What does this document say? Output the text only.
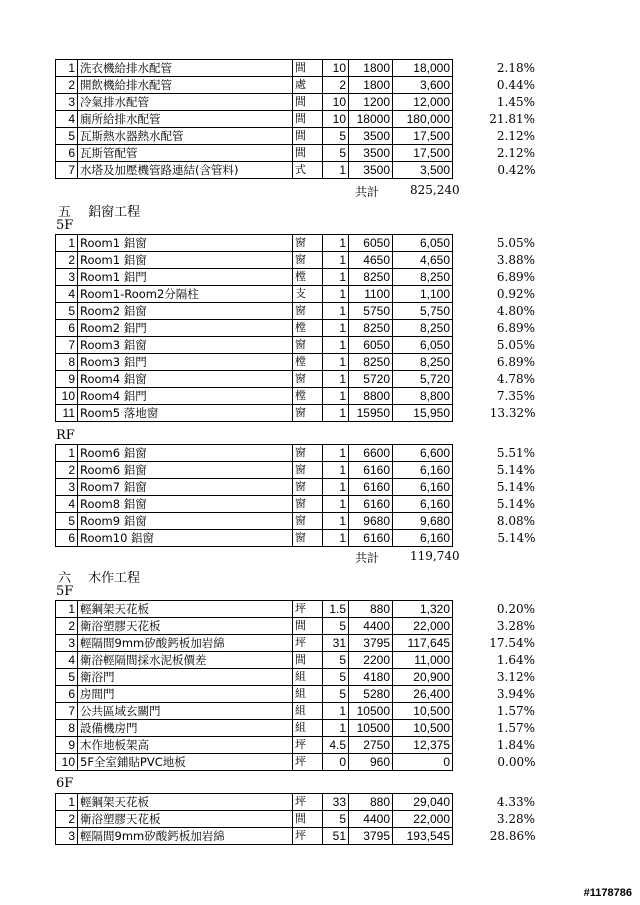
1	洗衣機給排水配管	間	10	1800	18,000	2.18%
2	開飲機給排水配管	處	2	1800	3,600	0.44%
3	冷氣排水配管	間	10	1200	12,000	1.45%
4	廁所給排水配管	間	10	18000	180,000	21.81%
5	瓦斯熱水器熱水配管	間	5	3500	17,500	2.12%
6	瓦斯管配管	間	5	3500	17,500	2.12%
7	水塔及加壓機管路連結(含管料)	式	1	3500	3,500	0.42%
共計	825,240
五　 鋁窗工程
5F
1	Room1 鋁窗	窗	1	6050	6,050	5.05%
2	Room1 鋁窗	窗	1	4650	4,650	3.88%
3	Room1 鋁門	樘	1	8250	8,250	6.89%
4	Room1-Room2分隔柱	支	1	1100	1,100	0.92%
5	Room2 鋁窗	窗	1	5750	5,750	4.80%
6	Room2 鋁門	樘	1	8250	8,250	6.89%
7	Room3 鋁窗	窗	1	6050	6,050	5.05%
8	Room3 鋁門	樘	1	8250	8,250	6.89%
9	Room4 鋁窗	窗	1	5720	5,720	4.78%
10	Room4 鋁門	樘	1	8800	8,800	7.35%
11	Room5 落地窗	窗	1	15950	15,950	13.32%
RF
1	Room6 鋁窗	窗	1	6600	6,600	5.51%
2	Room6 鋁窗	窗	1	6160	6,160	5.14%
3	Room7 鋁窗	窗	1	6160	6,160	5.14%
4	Room8 鋁窗	窗	1	6160	6,160	5.14%
5	Room9 鋁窗	窗	1	9680	9,680	8.08%
6	Room10 鋁窗	窗	1	6160	6,160	5.14%
共計	119,740
六　 木作工程
5F
1	輕鋼架天花板	坪	1.5	880	1,320	0.20%
2	衛浴塑膠天花板	間	5	4400	22,000	3.28%
3	輕隔間9mm矽酸鈣板加岩綿	坪	31	3795	117,645	17.54%
4	衛浴輕隔間採水泥板價差	間	5	2200	11,000	1.64%
5	衛浴門	組	5	4180	20,900	3.12%
6	房間門	組	5	5280	26,400	3.94%
7	公共區域玄關門	組	1	10500	10,500	1.57%
8	設備機房門	組	1	10500	10,500	1.57%
9	木作地板架高	坪	4.5	2750	12,375	1.84%
10	5F全室鋪貼PVC地板	坪	0	960	0	0.00%
6F
1	輕鋼架天花板	坪	33	880	29,040	4.33%
2	衛浴塑膠天花板	間	5	4400	22,000	3.28%
3	輕隔間9mm矽酸鈣板加岩綿	坪	51	3795	193,545	28.86%
#1178786
